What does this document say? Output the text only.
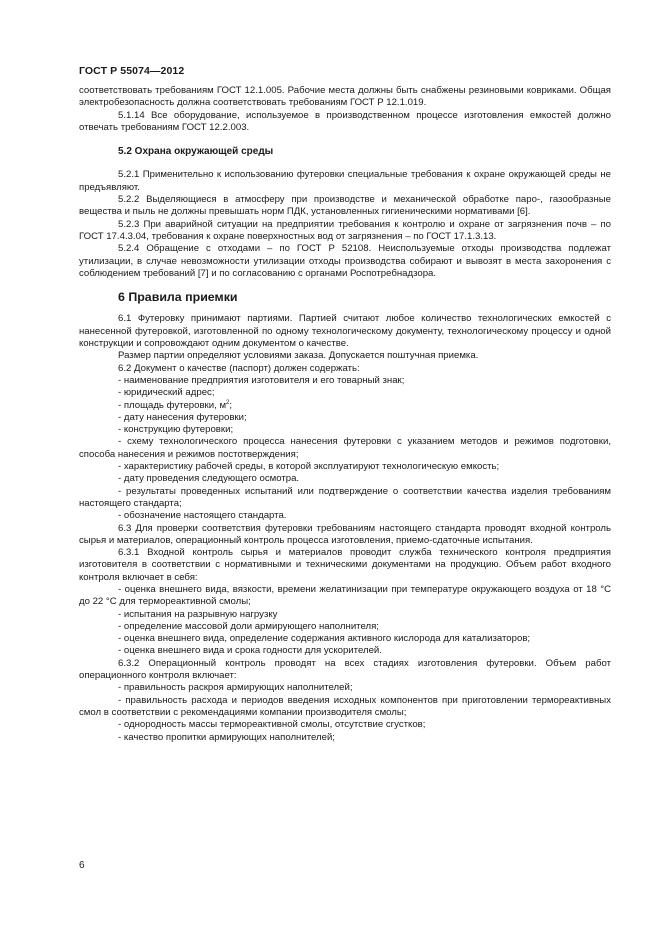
ГОСТ Р 55074—2012

соответствовать требованиям ГОСТ 12.1.005. Рабочие места должны быть снабжены резиновыми ковриками. Общая электробезопасность должна соответствовать требованиям ГОСТ Р 12.1.019.

5.1.14 Все оборудование, используемое в производственном процессе изготовления емкостей должно отвечать требованиям ГОСТ 12.2.003.

5.2 Охрана окружающей среды

5.2.1 Применительно к использованию футеровки специальные требования к охране окружающей среды не предъявляют.

5.2.2 Выделяющиеся в атмосферу при производстве и механической обработке паро-, газообразные вещества и пыль не должны превышать норм ПДК, установленных гигиеническими нормативами [6].

5.2.3 При аварийной ситуации на предприятии требования к контролю и охране от загрязнения почв – по ГОСТ 17.4.3.04, требования к охране поверхностных вод от загрязнения – по ГОСТ 17.1.3.13.

5.2.4 Обращение с отходами – по ГОСТ Р 52108. Неиспользуемые отходы производства подлежат утилизации, в случае невозможности утилизации отходы производства собирают и вывозят в места захоронения с соблюдением требований [7] и по согласованию с органами Роспотребнадзора.

6 Правила приемки

6.1 Футеровку принимают партиями. Партией считают любое количество технологических емкостей с нанесенной футеровкой, изготовленной по одному технологическому документу, технологическому процессу и одной конструкции и сопровождают одним документом о качестве.

Размер партии определяют условиями заказа. Допускается поштучная приемка.

6.2 Документ о качестве (паспорт) должен содержать:

- наименование предприятия изготовителя и его товарный знак;

- юридический адрес;

- площадь футеровки, $м^2$;

- дату нанесения футеровки;

- конструкцию футеровки;

- схему технологического процесса нанесения футеровки с указанием методов и режимов подготовки, способа нанесения и режимов постотверждения;

- характеристику рабочей среды, в которой эксплуатируют технологическую емкость;

- дату проведения следующего осмотра.

- результаты проведенных испытаний или подтверждение о соответствии качества изделия требованиям настоящего стандарта;

- обозначение настоящего стандарта.

6.3 Для проверки соответствия футеровки требованиям настоящего стандарта проводят входной контроль сырья и материалов, операционный контроль процесса изготовления, приемо-сдаточные испытания.

6.3.1 Входной контроль сырья и материалов проводит служба технического контроля предприятия изготовителя в соответствии с нормативными и техническими документами на продукцию. Объем работ входного контроля включает в себя:

- оценка внешнего вида, вязкости, времени желатинизации при температуре окружающего воздуха от 18 °С до 22 °С для термореактивной смолы;

- испытания на разрывную нагрузку

- определение массовой доли армирующего наполнителя;

- оценка внешнего вида, определение содержания активного кислорода для катализаторов;

- оценка внешнего вида и срока годности для ускорителей.

6.3.2 Операционный контроль проводят на всех стадиях изготовления футеровки. Объем работ операционного контроля включает:

- правильность раскроя армирующих наполнителей;

- правильность расхода и периодов введения исходных компонентов при приготовлении термореактивных смол в соответствии с рекомендациями компании производителя смолы;

- однородность массы термореактивной смолы, отсутствие сгустков;

- качество пропитки армирующих наполнителей;

6
